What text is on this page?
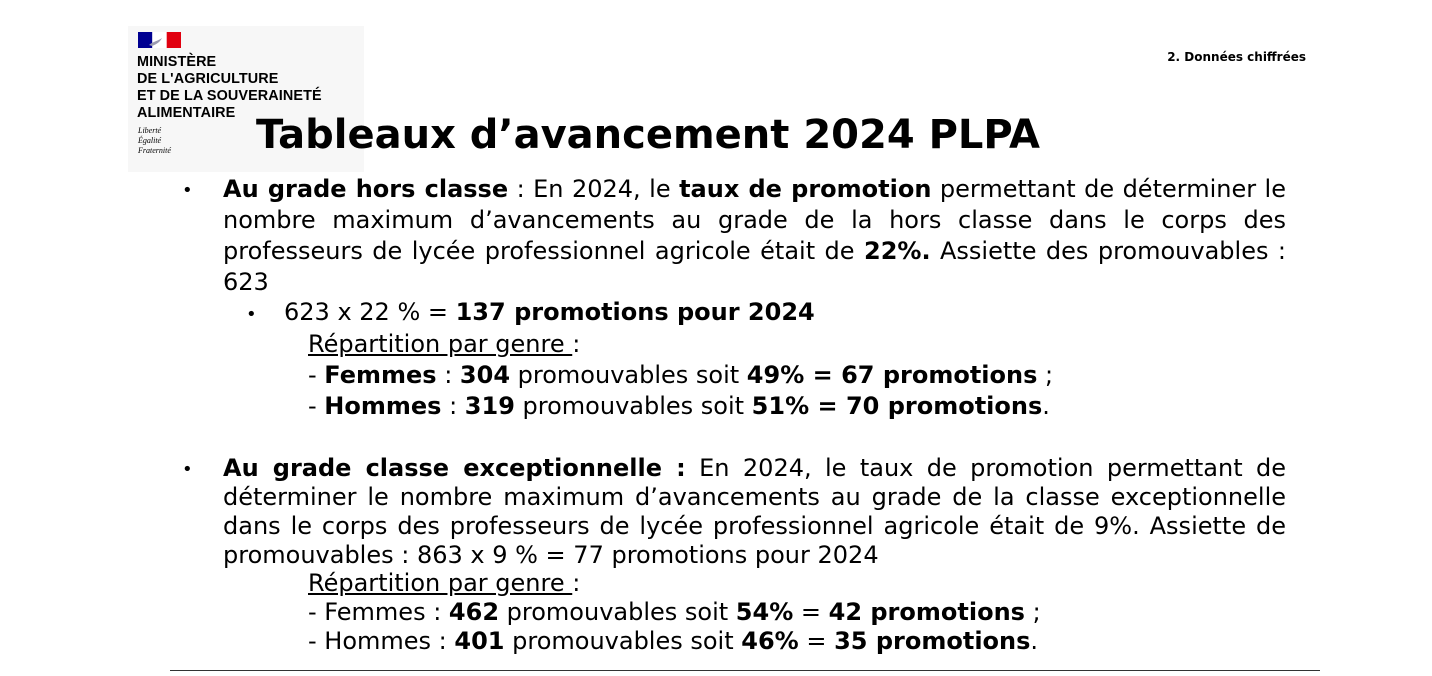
MINISTÈRE
DE L'AGRICULTURE
ET DE LA SOUVERAINETÉ
ALIMENTAIRE
Liberté
Égalité
Fraternité
2. Données chiffrées
Tableaux d’avancement 2024 PLPA
• Au grade hors classe : En 2024, le taux de promotion permettant de déterminer le nombre maximum d’avancements au grade de la hors classe dans le corps des professeurs de lycée professionnel agricole était de 22%. Assiette des promouvables : 623
• 623 x 22 % = 137 promotions pour 2024
Répartition par genre :
- Femmes : 304 promouvables soit 49% = 67 promotions ;
- Hommes : 319 promouvables soit 51% = 70 promotions.
• Au grade classe exceptionnelle : En 2024, le taux de promotion permettant de déterminer le nombre maximum d’avancements au grade de la classe exceptionnelle dans le corps des professeurs de lycée professionnel agricole était de 9%. Assiette de promouvables : 863 x 9 % = 77 promotions pour 2024
Répartition par genre :
- Femmes : 462 promouvables soit 54% = 42 promotions ;
- Hommes : 401 promouvables soit 46% = 35 promotions.
